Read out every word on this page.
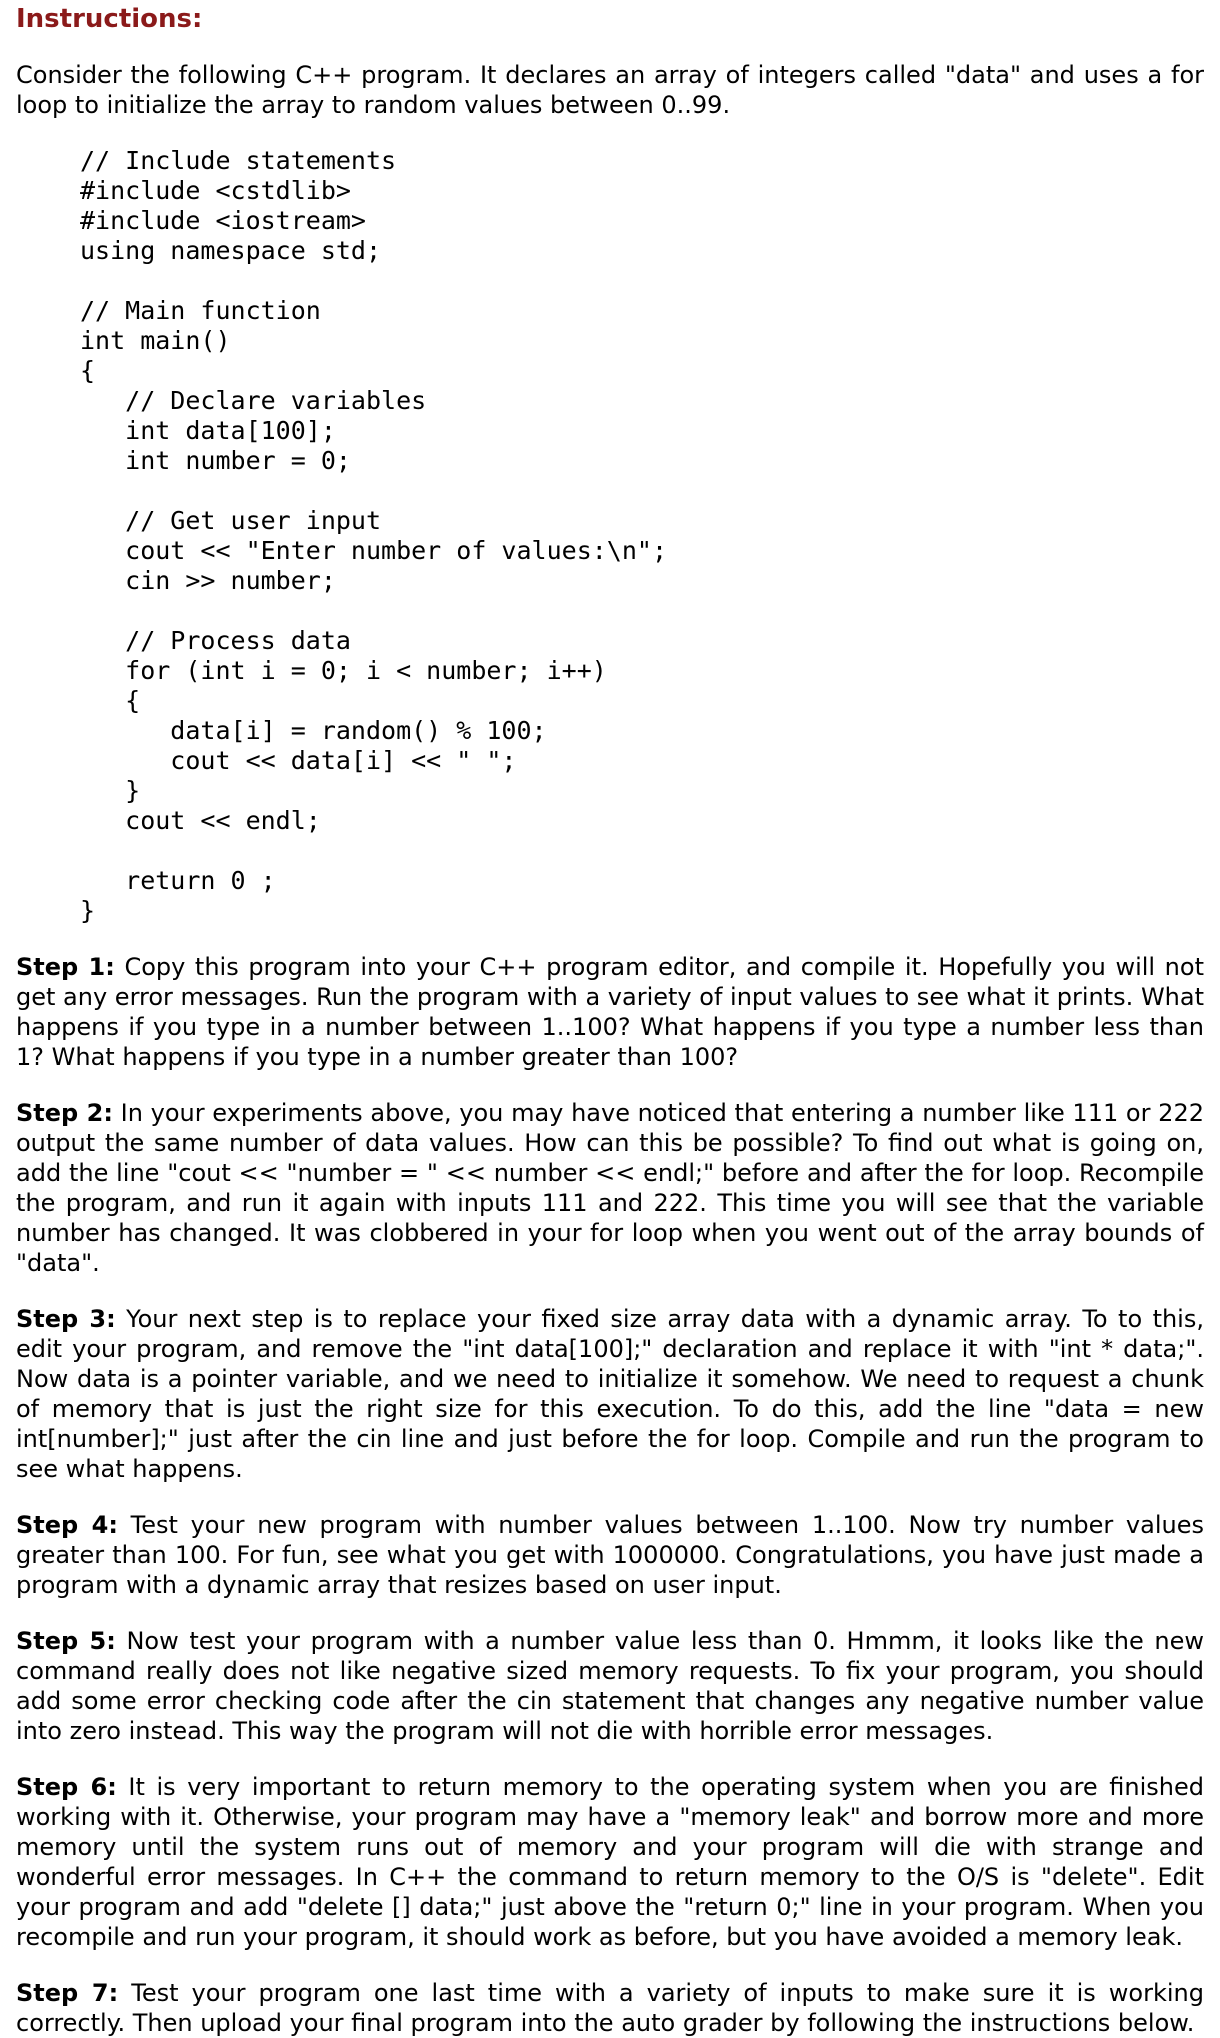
Instructions:

Consider the following C++ program. It declares an array of integers called "data" and uses a for loop to initialize the array to random values between 0..99.

// Include statements
#include <cstdlib>
#include <iostream>
using namespace std;
// Main function
int main()
{
// Declare variables
int data[100];
int number = 0;
// Get user input
cout << "Enter number of values:\n";
cin >> number;
// Process data
for (int i = 0; i < number; i++)
{
data[i] = random() % 100;
cout << data[i] << " ";
}
cout << endl;
return 0 ;
}

Step 1: Copy this program into your C++ program editor, and compile it. Hopefully you will not get any error messages. Run the program with a variety of input values to see what it prints. What happens if you type in a number between 1..100? What happens if you type a number less than 1? What happens if you type in a number greater than 100?

Step 2: In your experiments above, you may have noticed that entering a number like 111 or 222 output the same number of data values. How can this be possible? To find out what is going on, add the line "cout << "number = " << number << endl;" before and after the for loop. Recompile the program, and run it again with inputs 111 and 222. This time you will see that the variable number has changed. It was clobbered in your for loop when you went out of the array bounds of "data".

Step 3: Your next step is to replace your fixed size array data with a dynamic array. To to this, edit your program, and remove the "int data[100];" declaration and replace it with "int * data;". Now data is a pointer variable, and we need to initialize it somehow. We need to request a chunk of memory that is just the right size for this execution. To do this, add the line "data = new int[number];" just after the cin line and just before the for loop. Compile and run the program to see what happens.

Step 4: Test your new program with number values between 1..100. Now try number values greater than 100. For fun, see what you get with 1000000. Congratulations, you have just made a program with a dynamic array that resizes based on user input.

Step 5: Now test your program with a number value less than 0. Hmmm, it looks like the new command really does not like negative sized memory requests. To fix your program, you should add some error checking code after the cin statement that changes any negative number value into zero instead. This way the program will not die with horrible error messages.

Step 6: It is very important to return memory to the operating system when you are finished working with it. Otherwise, your program may have a "memory leak" and borrow more and more memory until the system runs out of memory and your program will die with strange and wonderful error messages. In C++ the command to return memory to the O/S is "delete". Edit your program and add "delete [] data;" just above the "return 0;" line in your program. When you recompile and run your program, it should work as before, but you have avoided a memory leak.

Step 7: Test your program one last time with a variety of inputs to make sure it is working correctly. Then upload your final program into the auto grader by following the instructions below.
